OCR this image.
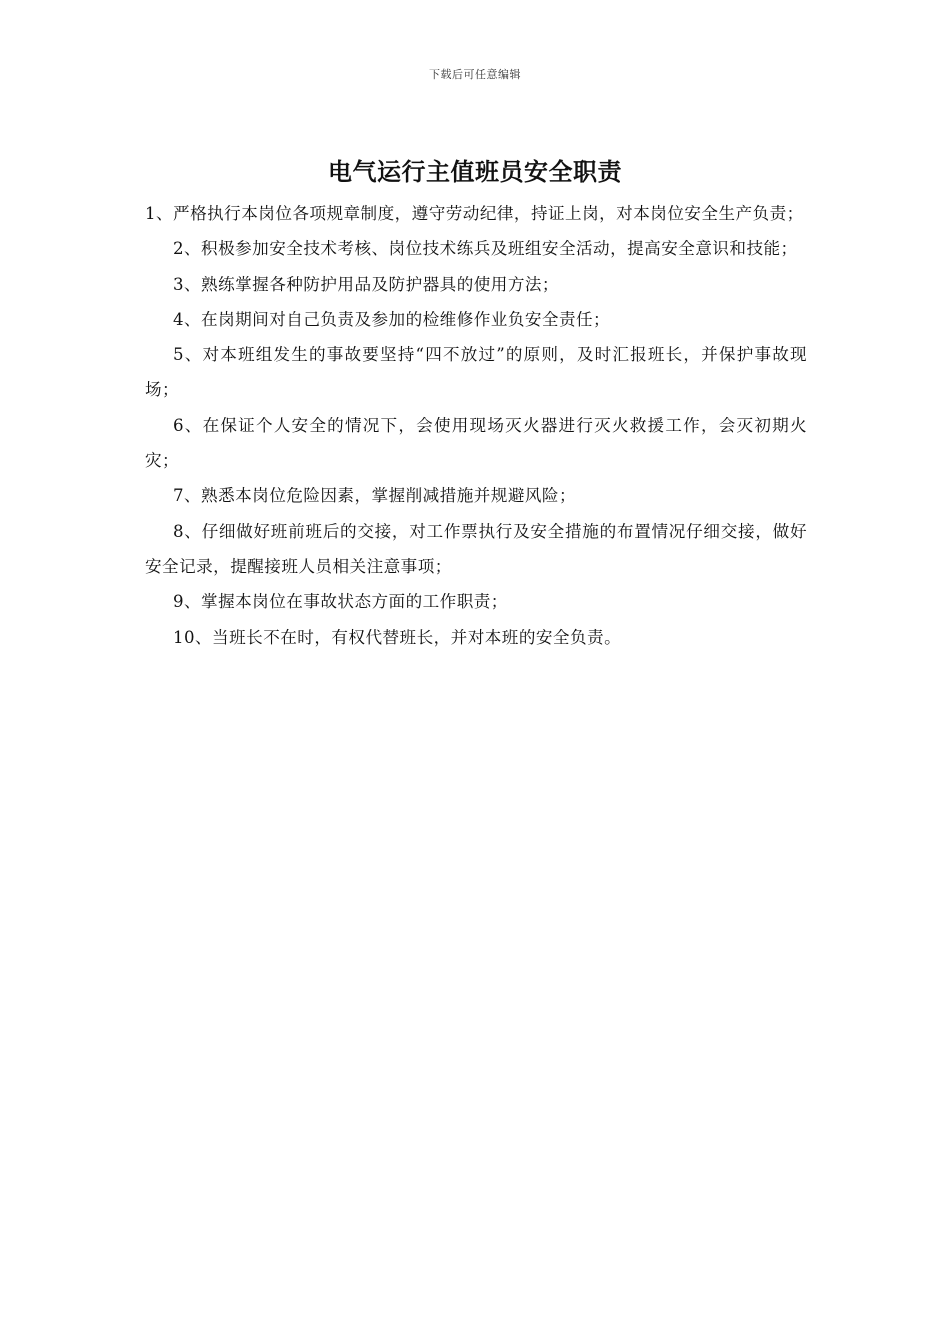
下载后可任意编辑
电气运行主值班员安全职责

1、严格执行本岗位各项规章制度，遵守劳动纪律，持证上岗，对本岗位安全生产负责；

2、积极参加安全技术考核、岗位技术练兵及班组安全活动，提高安全意识和技能；

3、熟练掌握各种防护用品及防护器具的使用方法；

4、在岗期间对自己负责及参加的检维修作业负安全责任；

5、对本班组发生的事故要坚持“四不放过”的原则，及时汇报班长，并保护事故现场；

6、在保证个人安全的情况下，会使用现场灭火器进行灭火救援工作，会灭初期火灾；

7、熟悉本岗位危险因素，掌握削减措施并规避风险；

8、仔细做好班前班后的交接，对工作票执行及安全措施的布置情况仔细交接，做好安全记录，提醒接班人员相关注意事项；

9、掌握本岗位在事故状态方面的工作职责；

10、当班长不在时，有权代替班长，并对本班的安全负责。
